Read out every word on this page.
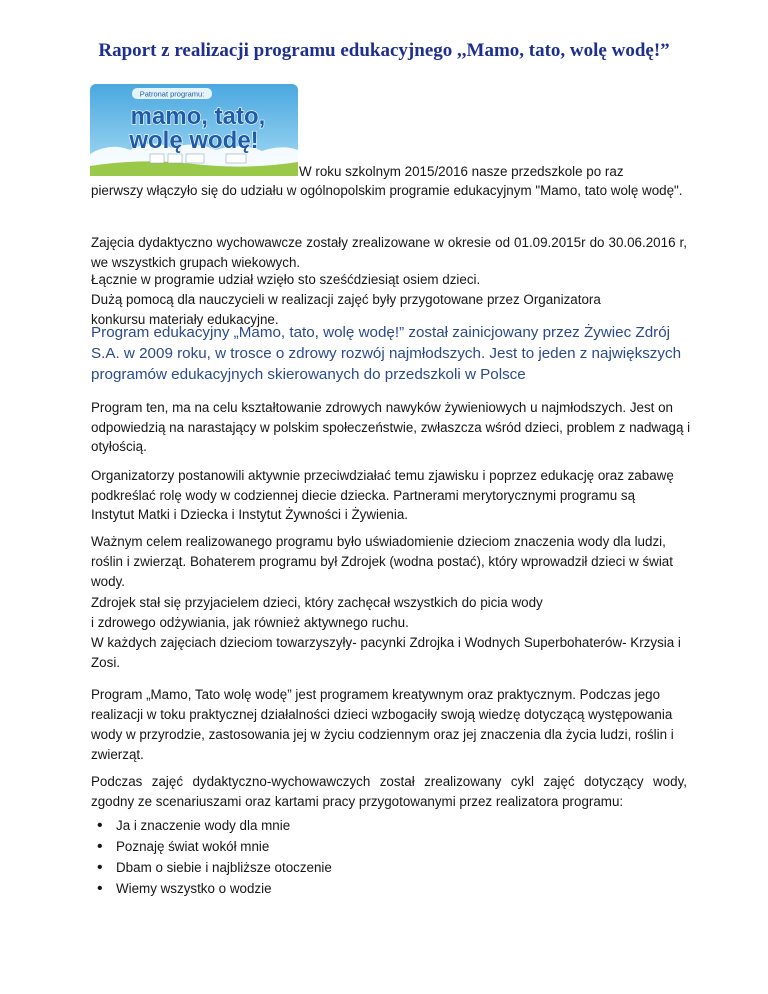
Raport z realizacji programu edukacyjnego ,,Mamo, tato, wolę wodę!”
Patronat programu:
mamo, tato,
wolę wodę!

W roku szkolnym 2015/2016 nasze przedszkole po raz

pierwszy włączyło się do udziału w ogólnopolskim programie edukacyjnym "Mamo, tato wolę wodę".

Zajęcia dydaktyczno wychowawcze zostały zrealizowane w okresie od 01.09.2015r do 30.06.2016 r, we wszystkich grupach wiekowych.

Łącznie w programie udział wzięło sto sześćdziesiąt osiem dzieci.

Dużą pomocą dla nauczycieli w realizacji zajęć były przygotowane przez Organizatora konkursu materiały edukacyjne.

Program edukacyjny „Mamo, tato, wolę wodę!” został zainicjowany przez Żywiec Zdrój S.A. w 2009 roku, w trosce o zdrowy rozwój najmłodszych. Jest to jeden z największych programów edukacyjnych skierowanych do przedszkoli w Polsce

Program ten, ma na celu kształtowanie zdrowych nawyków żywieniowych u najmłodszych. Jest on odpowiedzią na narastający w polskim społeczeństwie, zwłaszcza wśród dzieci, problem z nadwagą i otyłością.

Organizatorzy postanowili aktywnie przeciwdziałać temu zjawisku i poprzez edukację oraz zabawę podkreślać rolę wody w codziennej diecie dziecka. Partnerami merytorycznymi programu są Instytut Matki i Dziecka i Instytut Żywności i Żywienia.

Ważnym celem realizowanego programu było uświadomienie dzieciom znaczenia wody dla ludzi, roślin i zwierząt. Bohaterem programu był Zdrojek (wodna postać), który wprowadził dzieci w świat wody.

Zdrojek stał się przyjacielem dzieci, który zachęcał wszystkich do picia wody

i zdrowego odżywiania, jak również aktywnego ruchu.

W każdych zajęciach dzieciom towarzyszyły- pacynki Zdrojka i Wodnych Superbohaterów- Krzysia i Zosi.

Program „Mamo, Tato wolę wodę” jest programem kreatywnym oraz praktycznym. Podczas jego realizacji w toku praktycznej działalności dzieci wzbogaciły swoją wiedzę dotyczącą występowania wody w przyrodzie, zastosowania jej w życiu codziennym oraz jej znaczenia dla życia ludzi, roślin i zwierząt.

Podczas zajęć dydaktyczno-wychowawczych został zrealizowany cykl zajęć dotyczący wody, zgodny ze scenariuszami oraz kartami pracy przygotowanymi przez realizatora programu:

• Ja i znaczenie wody dla mnie
• Poznaję świat wokół mnie
• Dbam o siebie i najbliższe otoczenie
• Wiemy wszystko o wodzie
